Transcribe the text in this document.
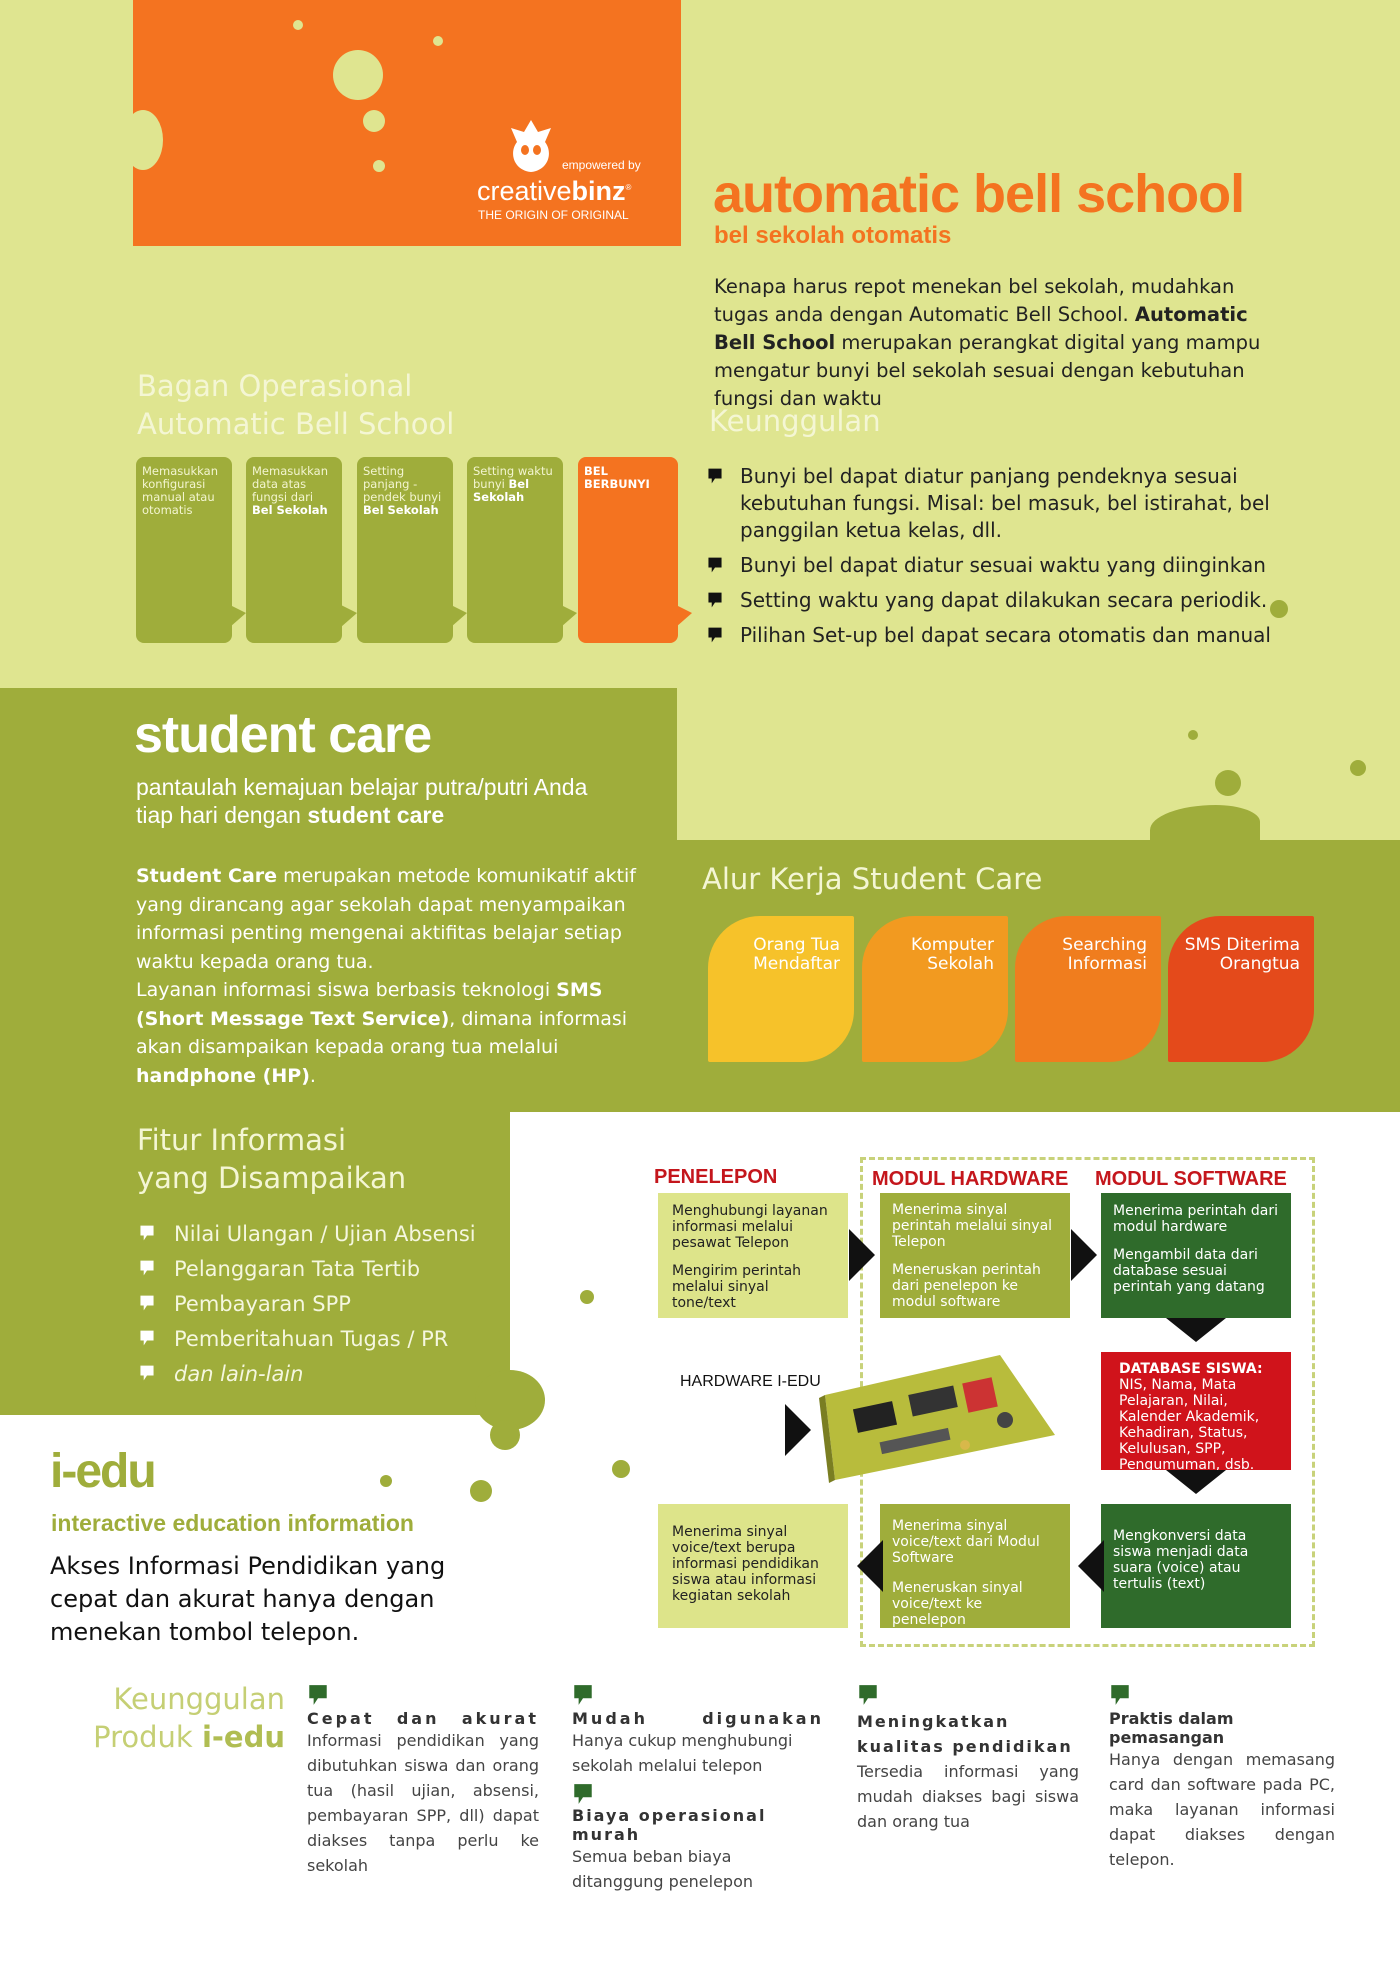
empowered by
creativebinz®
THE ORIGIN OF ORIGINAL automatic bell school
bel sekolah otomatis
Kenapa harus repot menekan bel sekolah, mudahkan tugas anda dengan Automatic Bell School. Automatic Bell School merupakan perangkat digital yang mampu mengatur bunyi bel sekolah sesuai dengan kebutuhan fungsi dan waktu
Bagan Operasional
Automatic Bell School
Memasukkan konfigurasi manual atau otomatis
Memasukkan data atas fungsi dari Bel Sekolah
Setting panjang - pendek bunyi Bel Sekolah
Setting waktu bunyi Bel Sekolah
BEL BERBUNYI
Keunggulan
Bunyi bel dapat diatur panjang pendeknya sesuai kebutuhan fungsi. Misal: bel masuk, bel istirahat, bel panggilan ketua kelas, dll.
Bunyi bel dapat diatur sesuai waktu yang diinginkan
Setting waktu yang dapat dilakukan secara periodik.
Pilihan Set-up bel dapat secara otomatis dan manual
student care
pantaulah kemajuan belajar putra/putri Anda
tiap hari dengan student care
Student Care merupakan metode komunikatif aktif yang dirancang agar sekolah dapat menyampaikan informasi penting mengenai aktifitas belajar setiap waktu kepada orang tua.
Layanan informasi siswa berbasis teknologi SMS (Short Message Text Service), dimana informasi akan disampaikan kepada orang tua melalui handphone (HP).
Alur Kerja Student Care
Orang Tua Mendaftar
Komputer Sekolah
Searching Informasi
SMS Diterima Orangtua
Fitur Informasi
yang Disampaikan
Nilai Ulangan / Ujian Absensi
Pelanggaran Tata Tertib
Pembayaran SPP
Pemberitahuan Tugas / PR
dan lain-lain
PENELEPON	MODUL HARDWARE MODUL SOFTWARE
Menghubungi layanan informasi melalui pesawat Telepon
Mengirim perintah melalui sinyal tone/text
Menerima sinyal perintah melalui sinyal Telepon
Meneruskan perintah dari penelepon ke modul software
Menerima perintah dari modul hardware
Mengambil data dari database sesuai perintah yang datang
HARDWARE I-EDU
DATABASE SISWA:
NIS, Nama, Mata Pelajaran, Nilai, Kalender Akademik, Kehadiran, Status, Kelulusan, SPP, Pengumuman, dsb.
Mengkonversi data siswa menjadi data suara (voice) atau tertulis (text)
Menerima sinyal voice/text dari Modul Software
Meneruskan sinyal voice/text ke penelepon
Menerima sinyal voice/text berupa informasi pendidikan siswa atau informasi kegiatan sekolah
i-edu
interactive education information
Akses Informasi Pendidikan yang cepat dan akurat hanya dengan menekan tombol telepon.
Keunggulan
Produk i-edu
Cepat dan akurat
Informasi pendidikan yang dibutuhkan siswa dan orang tua (hasil ujian, absensi, pembayaran SPP, dll) dapat diakses tanpa perlu ke sekolah
Mudah digunakan
Hanya cukup menghubungi sekolah melalui telepon
Biaya operasional murah
Semua beban biaya ditanggung penelepon
Meningkatkan kualitas pendidikan
Tersedia informasi yang mudah diakses bagi siswa dan orang tua
Praktis dalam pemasangan
Hanya dengan memasang card dan software pada PC, maka layanan informasi dapat diakses dengan telepon.
